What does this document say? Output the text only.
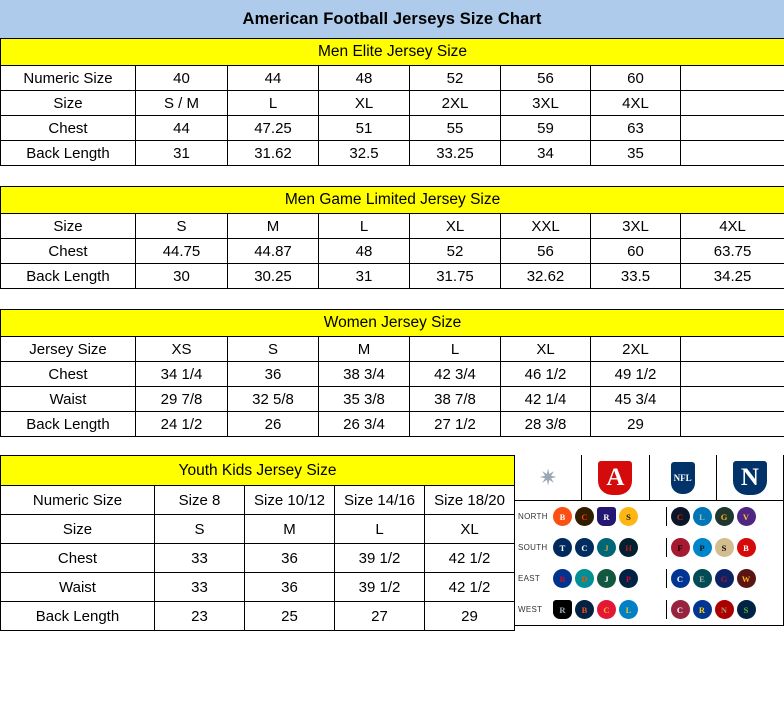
American Football Jerseys Size Chart
Men Elite Jersey Size							
Numeric Size	40	44	48	52	56	60	
Size	S / M	L	XL	2XL	3XL	4XL	
Chest	44	47.25	51	55	59	63	
Back Length	31	31.62	32.5	33.25	34	35	
Men Game Limited Jersey Size							
Size	S	M	L	XL	XXL	3XL	4XL
Chest	44.75	44.87	48	52	56	60	63.75
Back Length	30	30.25	31	31.75	32.62	33.5	34.25
Women Jersey Size							
Jersey Size	XS	S	M	L	XL	2XL	
Chest	34 1/4	36	38 3/4	42 3/4	46 1/2	49 1/2	
Waist	29 7/8	32 5/8	35 3/8	38 7/8	42 1/4	45 3/4	
Back Length	24 1/2	26	26 3/4	27 1/2	28 3/8	29	
Youth Kids Jersey Size				
Numeric Size	Size 8	Size 10/12	Size 14/16	Size 18/20
Size	S	M	L	XL
Chest	33	36	39 1/2	42 1/2
Waist	33	36	39 1/2	42 1/2
Back Length	23	25	27	29
✷	A	NFL	N
NORTH	B C R S	C L G V
SOUTH	T C J H	F P S B
EAST	B D J P	C E G W
WEST	R B C L	C R N S
